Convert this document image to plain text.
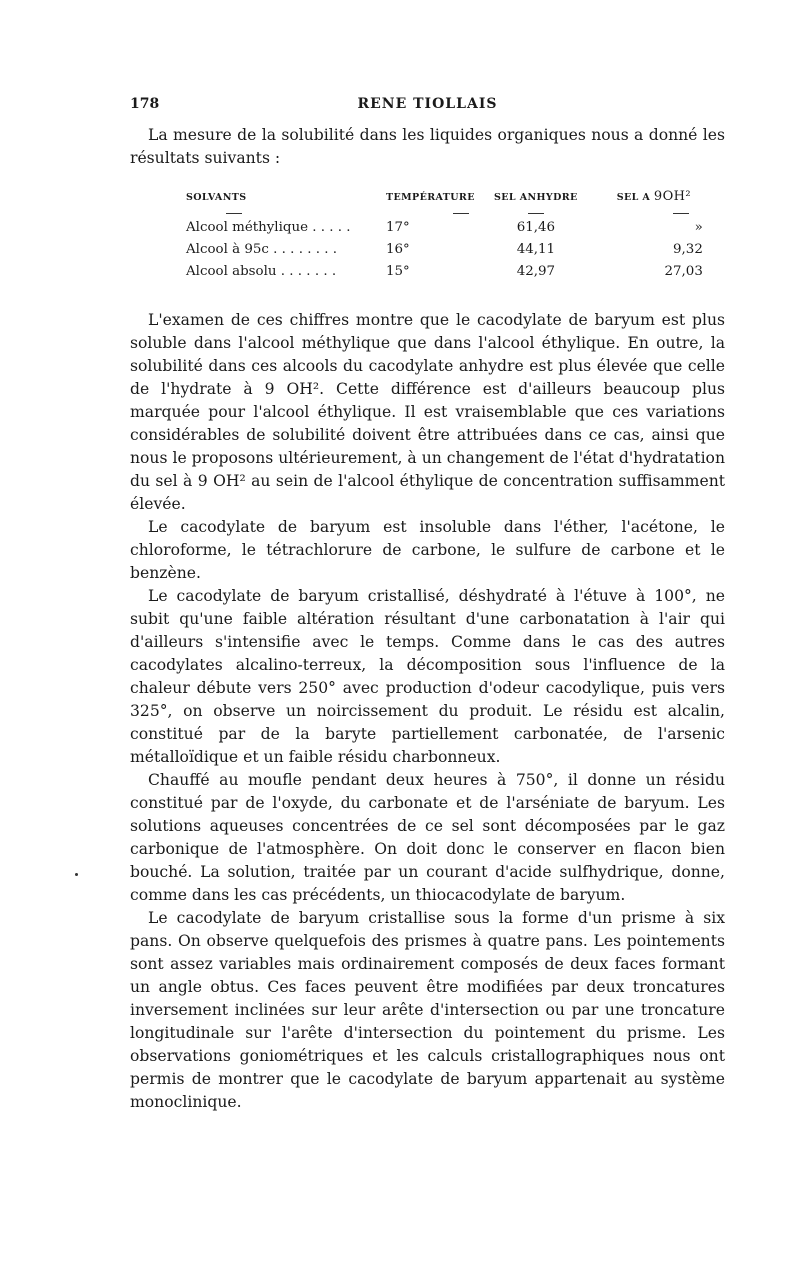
178	RENE TIOLLAIS

La mesure de la solubilité dans les liquides organiques nous a donné les résultats suivants :

SOLVANTS	TEMPÉRATURE	SEL ANHYDRE	SEL A 9OH²

Alcool méthylique . . . . .	17°	61,46	»
Alcool à 95c . . . . . . . .	16°	44,11	9,32
Alcool absolu . . . . . . .	15°	42,97	27,03

L'examen de ces chiffres montre que le cacodylate de baryum est plus soluble dans l'alcool méthylique que dans l'alcool éthylique. En outre, la solubilité dans ces alcools du cacodylate anhydre est plus élevée que celle de l'hydrate à 9 OH². Cette différence est d'ailleurs beaucoup plus marquée pour l'alcool éthylique. Il est vraisemblable que ces variations considérables de solubilité doivent être attribuées dans ce cas, ainsi que nous le proposons ultérieurement, à un changement de l'état d'hydratation du sel à 9 OH² au sein de l'alcool éthylique de concentration suffisamment élevée.

Le cacodylate de baryum est insoluble dans l'éther, l'acétone, le chloroforme, le tétrachlorure de carbone, le sulfure de carbone et le benzène.

Le cacodylate de baryum cristallisé, déshydraté à l'étuve à 100°, ne subit qu'une faible altération résultant d'une carbonatation à l'air qui d'ailleurs s'intensifie avec le temps. Comme dans le cas des autres cacodylates alcalino-terreux, la décomposition sous l'influence de la chaleur débute vers 250° avec production d'odeur cacodylique, puis vers 325°, on observe un noircissement du produit. Le résidu est alcalin, constitué par de la baryte partiellement carbonatée, de l'arsenic métalloïdique et un faible résidu charbonneux.

Chauffé au moufle pendant deux heures à 750°, il donne un résidu constitué par de l'oxyde, du carbonate et de l'arséniate de baryum. Les solutions aqueuses concentrées de ce sel sont décomposées par le gaz carbonique de l'atmosphère. On doit donc le conserver en flacon bien bouché. La solution, traitée par un courant d'acide sulfhydrique, donne, comme dans les cas précédents, un thiocacodylate de baryum.

Le cacodylate de baryum cristallise sous la forme d'un prisme à six pans. On observe quelquefois des prismes à quatre pans. Les pointements sont assez variables mais ordinairement composés de deux faces formant un angle obtus. Ces faces peuvent être modifiées par deux troncatures inversement inclinées sur leur arête d'intersection ou par une troncature longitudinale sur l'arête d'intersection du pointement du prisme. Les observations goniométriques et les calculs cristallographiques nous ont permis de montrer que le cacodylate de baryum appartenait au système monoclinique.
